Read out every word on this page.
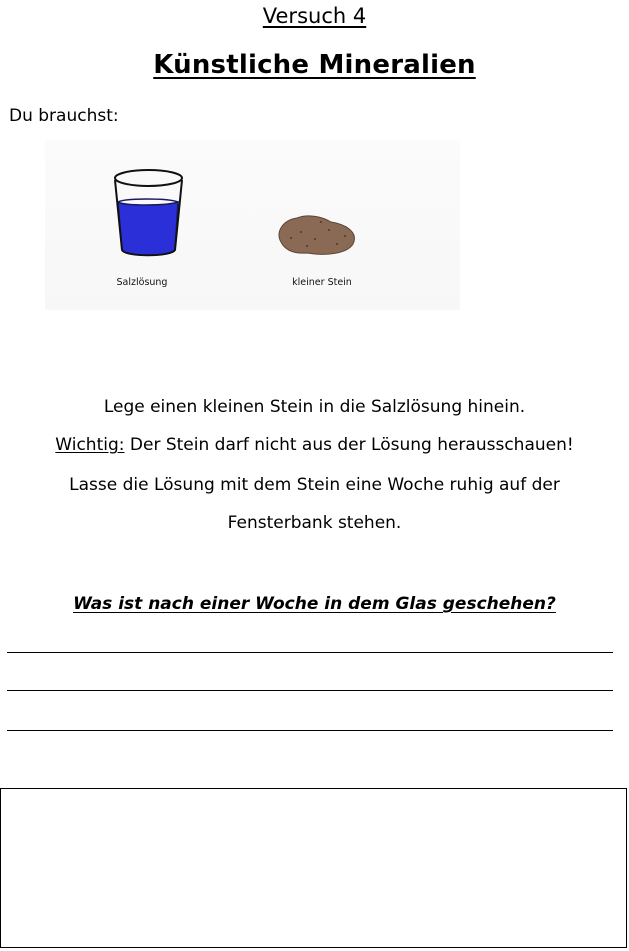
Versuch 4
Künstliche Mineralien
Du brauchst:
Salzlösung	kleiner Stein
Lege einen kleinen Stein in die Salzlösung hinein.
Wichtig: Der Stein darf nicht aus der Lösung herausschauen!
Lasse die Lösung mit dem Stein eine Woche ruhig auf der
Fensterbank stehen.
Was ist nach einer Woche in dem Glas geschehen?
